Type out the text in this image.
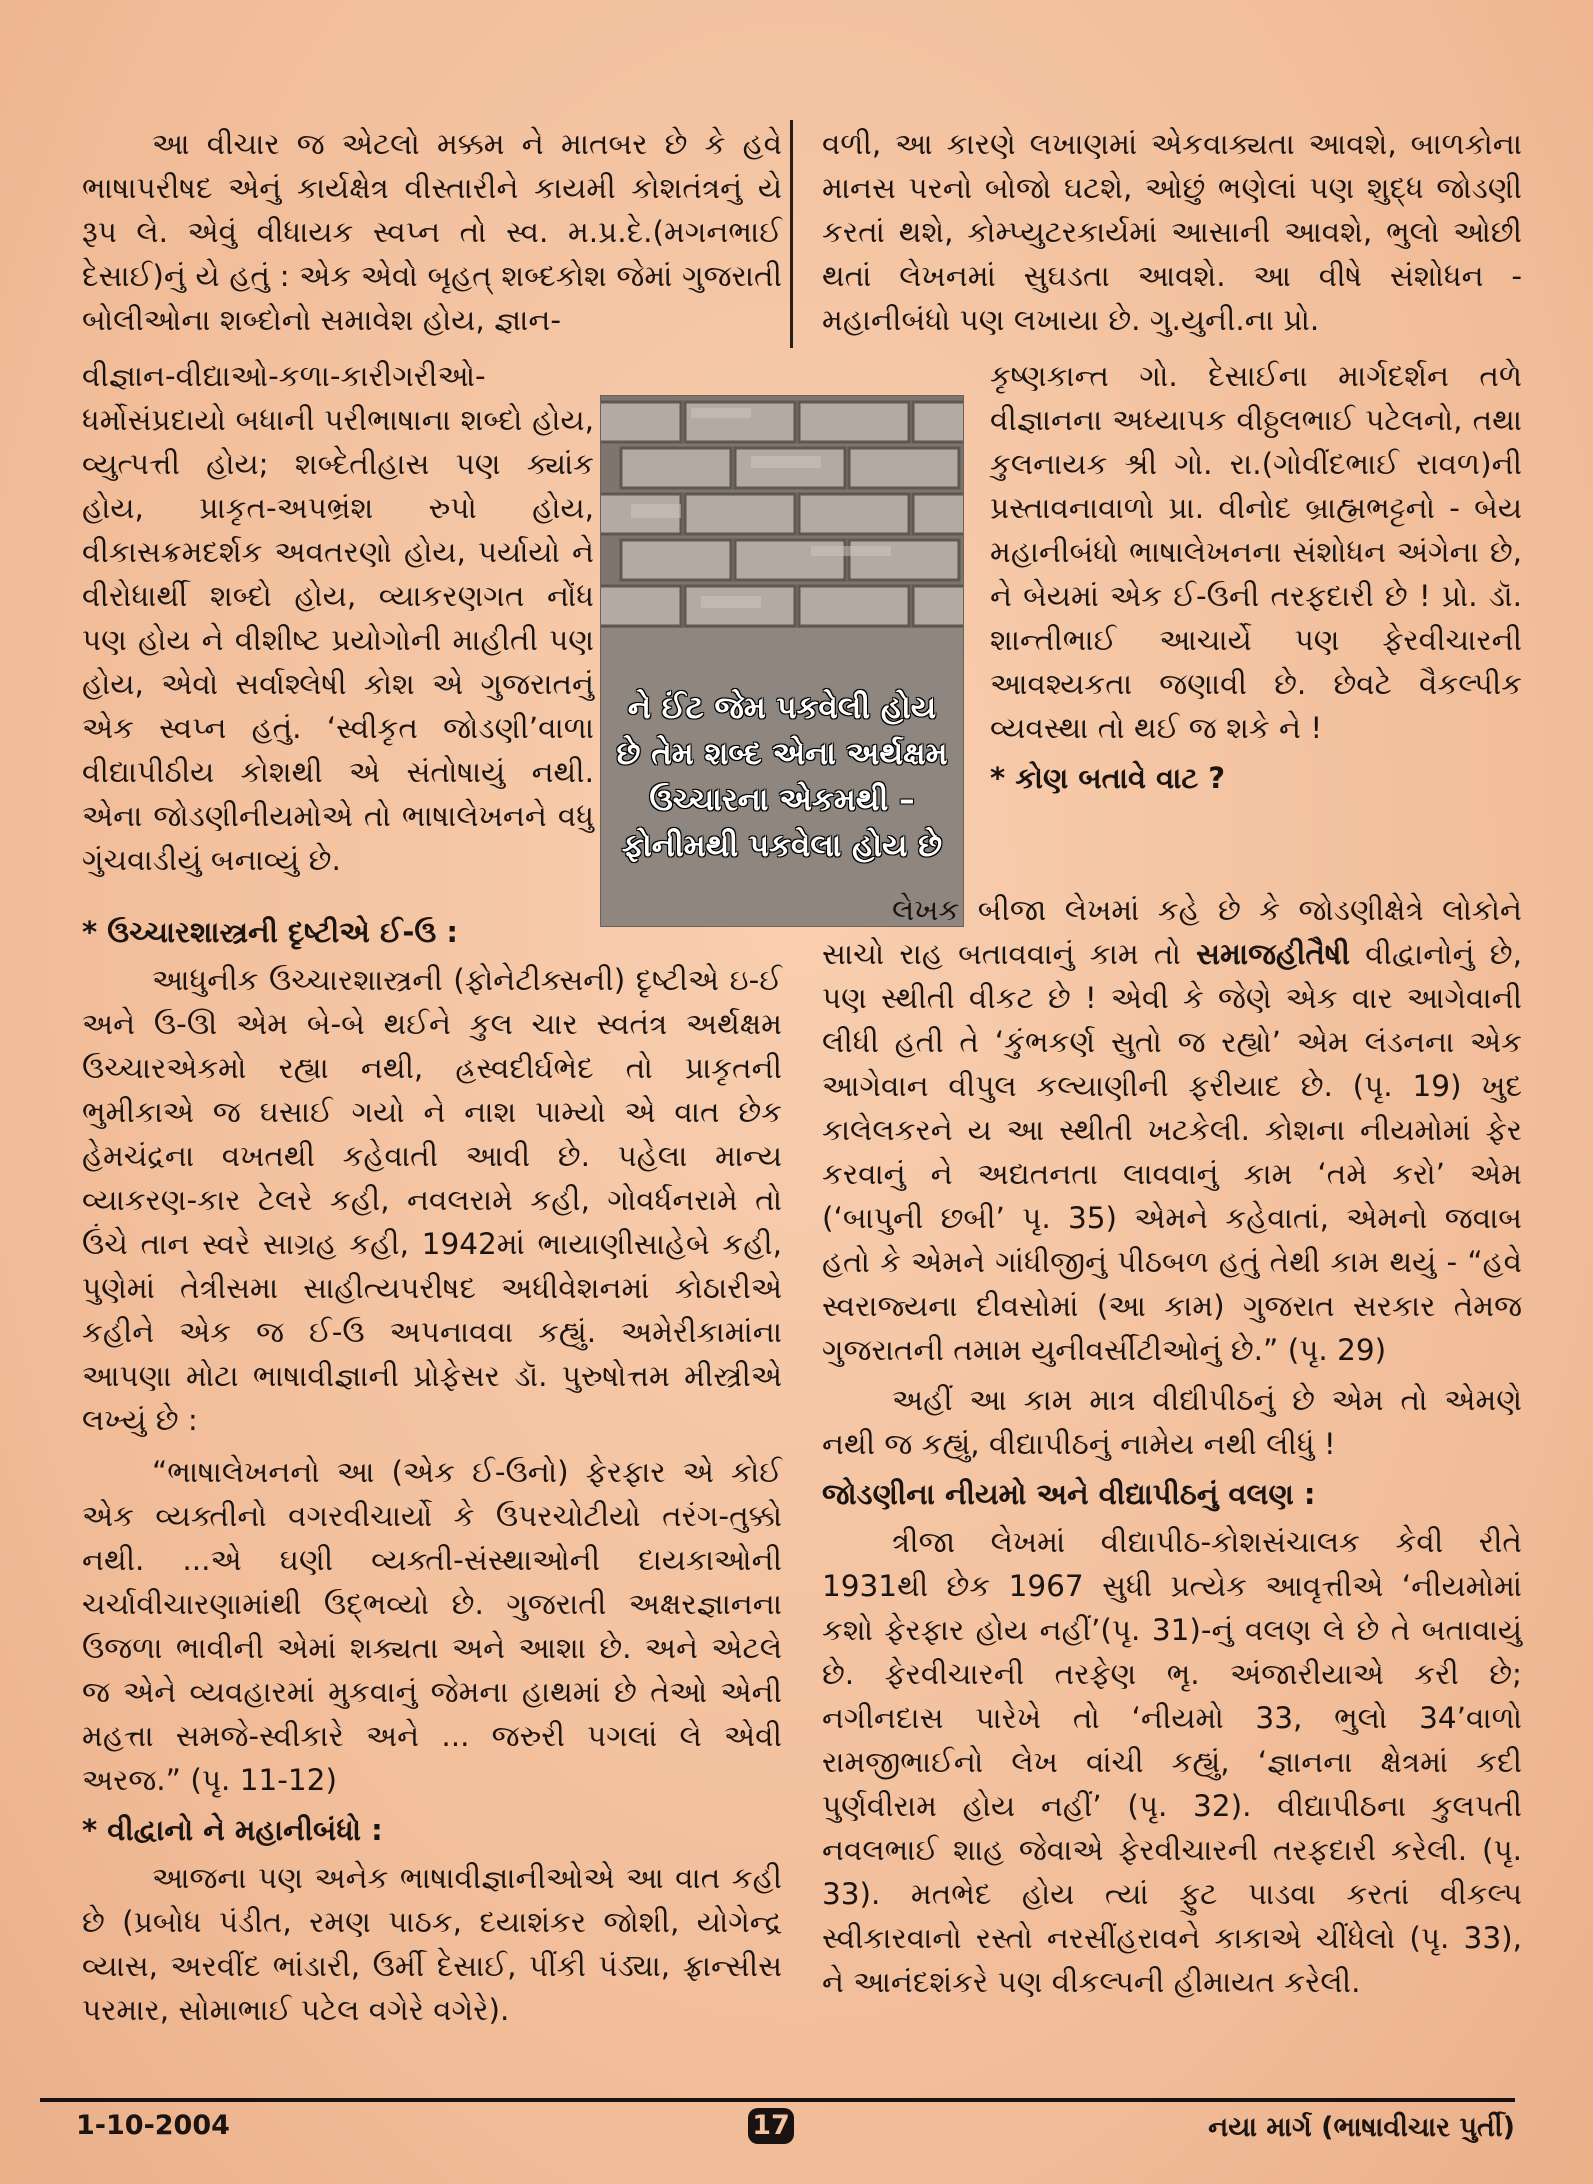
આ વીચાર જ એટલો મક્કમ ને માતબર છે કે હવે ભાષાપરીષદ એનું કાર્યક્ષેત્ર વીસ્તારીને કાયમી કોશતંત્રનું યે રૂપ લે. એવું વીધાયક સ્વપ્ન તો સ્વ. મ.પ્ર.દે.(મગનભાઈ દેસાઈ)નું યે હતું : એક એવો બૃહત્ શબ્દકોશ જેમાં ગુજરાતી બોલીઓના શબ્દોનો સમાવેશ હોય, જ્ઞાન-

વીજ્ઞાન-વીદ્યાઓ-કળા-કારીગરીઓ-ધર્મોસંપ્રદાયો બધાની પરીભાષાના શબ્દો હોય, વ્યુત્પત્તી હોય; શબ્દેતીહાસ પણ ક્યાંક હોય, પ્રાકૃત-અપભ્રંશ રુપો હોય, વીકાસક્રમદર્શક અવતરણો હોય, પર્યાયો ને વીરોધાર્થી શબ્દો હોય, વ્યાકરણગત નોંધ પણ હોય ને વીશીષ્ટ પ્રયોગોની માહીતી પણ હોય, એવો સર્વાશ્લેષી કોશ એ ગુજરાતનું એક સ્વપ્ન હતું. ‘સ્વીકૃત જોડણી’વાળા વીદ્યાપીઠીય કોશથી એ સંતોષાયું નથી. એના જોડણીનીયમોએ તો ભાષાલેખનને વધુ ગુંચવાડીયું બનાવ્યું છે.

* ઉચ્ચારશાસ્ત્રની દૃષ્ટીએ ઈ-ઉ :

આધુનીક ઉચ્ચારશાસ્ત્રની (ફોનેટીક્સની) દૃષ્ટીએ ઇ-ઈ અને ઉ-ઊ એમ બે-બે થઈને કુલ ચાર સ્વતંત્ર અર્થક્ષમ ઉચ્ચારએકમો રહ્યા નથી, હ્રસ્વદીર્ઘભેદ તો પ્રાકૃતની ભુમીકાએ જ ઘસાઈ ગયો ને નાશ પામ્યો એ વાત છેક હેમચંદ્રના વખતથી કહેવાતી આવી છે. પહેલા માન્ય વ્યાકરણ-કાર ટેલરે કહી, નવલરામે કહી, ગોવર્ધનરામે તો ઉંચે તાન સ્વરે સાગ્રહ કહી, 1942માં ભાયાણીસાહેબે કહી, પુણેમાં તેત્રીસમા સાહીત્યપરીષદ અધીવેશનમાં કોઠારીએ કહીને એક જ ઈ-ઉ અપનાવવા કહ્યું. અમેરીકામાંના આપણા મોટા ભાષાવીજ્ઞાની પ્રોફેસર ડૉ. પુરુષોત્તમ મીસ્ત્રીએ લખ્યું છે :

“ભાષાલેખનનો આ (એક ઈ-ઉનો) ફેરફાર એ કોઈ એક વ્યક્તીનો વગરવીચાર્યો કે ઉપરચોટીયો તરંગ-તુક્કો નથી. ...એ ઘણી વ્યક્તી-સંસ્થાઓની દાયકાઓની ચર્ચાવીચારણામાંથી ઉદ્ભવ્યો છે. ગુજરાતી અક્ષરજ્ઞાનના ઉજળા ભાવીની એમાં શક્યતા અને આશા છે. અને એટલે જ એને વ્યવહારમાં મુકવાનું જેમના હાથમાં છે તેઓ એની મહત્તા સમજે-સ્વીકારે અને ... જરુરી પગલાં લે એવી અરજ.” (પૃ. 11-12)

* વીદ્વાનો ને મહાનીબંધો :

આજના પણ અનેક ભાષાવીજ્ઞાનીઓએ આ વાત કહી છે (પ્રબોધ પંડીત, રમણ પાઠક, દયાશંકર જોશી, યોગેન્દ્ર વ્યાસ, અરવીંદ ભાંડારી, ઉર્મી દેસાઈ, પીંકી પંડ્યા, ફ્રાન્સીસ પરમાર, સોમાભાઈ પટેલ વગેરે વગેરે).

ને ઈંટ જેમ પકવેલી હોય છે તેમ શબ્દ એના અર્થક્ષમ ઉચ્ચારના એકમથી – ફોનીમથી પકવેલા હોય છે

વળી, આ કારણે લખાણમાં એકવાક્યતા આવશે, બાળકોના માનસ પરનો બોજો ઘટશે, ઓછું ભણેલાં પણ શુદ્ધ જોડણી કરતાં થશે, કોમ્પ્યુટરકાર્યમાં આસાની આવશે, ભુલો ઓછી થતાં લેખનમાં સુઘડતા આવશે. આ વીષે સંશોધન - મહાનીબંધો પણ લખાયા છે. ગુ.યુની.ના પ્રો.

કૃષ્ણકાન્ત ગો. દેસાઈના માર્ગદર્શન તળે વીજ્ઞાનના અધ્યાપક વીઠ્ઠલભાઈ પટેલનો, તથા કુલનાયક શ્રી ગો. રા.(ગોવીંદભાઈ રાવળ)ની પ્રસ્તાવનાવાળો પ્રા. વીનોદ બ્રાહ્મભટ્ટનો - બેય મહાનીબંધો ભાષાલેખનના સંશોધન અંગેના છે, ને બેયમાં એક ઈ-ઉની તરફદારી છે ! પ્રો. ડૉ. શાન્તીભાઈ આચાર્યે પણ ફેરવીચારની આવશ્યકતા જણાવી છે. છેવટે વૈકલ્પીક વ્યવસ્થા તો થઈ જ શકે ને !

* કોણ બતાવે વાટ ?

લેખક બીજા લેખમાં કહે છે કે જોડણીક્ષેત્રે લોકોને સાચો રાહ બતાવવાનું કામ તો સમાજહીતૈષી વીદ્વાનોનું છે, પણ સ્થીતી વીકટ છે ! એવી કે જેણે એક વાર આગેવાની લીધી હતી તે ‘કુંભકર્ણ સુતો જ રહ્યો’ એમ લંડનના એક આગેવાન વીપુલ કલ્યાણીની ફરીયાદ છે. (પૃ. 19) ખુદ કાલેલકરને ય આ સ્થીતી ખટકેલી. કોશના નીયમોમાં ફેર કરવાનું ને અદ્યતનતા લાવવાનું કામ ‘તમે કરો’ એમ (‘બાપુની છબી’ પૃ. 35) એમને કહેવાતાં, એમનો જવાબ હતો કે એમને ગાંધીજીનું પીઠબળ હતું તેથી કામ થયું - “હવે સ્વરાજ્યના દીવસોમાં (આ કામ) ગુજરાત સરકાર તેમજ ગુજરાતની તમામ યુનીવર્સીટીઓનું છે.” (પૃ. 29)

અહીં આ કામ માત્ર વીદ્યીપીઠનું છે એમ તો એમણે નથી જ કહ્યું, વીદ્યાપીઠનું નામેય નથી લીધું !

જોડણીના નીયમો અને વીદ્યાપીઠનું વલણ :

ત્રીજા લેખમાં વીદ્યાપીઠ-કોશસંચાલક કેવી રીતે 1931થી છેક 1967 સુધી પ્રત્યેક આવૃત્તીએ ‘નીયમોમાં કશો ફેરફાર હોય નહીં’(પૃ. 31)-નું વલણ લે છે તે બતાવાયું છે. ફેરવીચારની તરફેણ ભૃ. અંજારીયાએ કરી છે; નગીનદાસ પારેખે તો ‘નીયમો 33, ભુલો 34’વાળો રામજીભાઈનો લેખ વાંચી કહ્યું, ‘જ્ઞાનના ક્ષેત્રમાં કદી પુર્ણવીરામ હોય નહીં’ (પૃ. 32). વીદ્યાપીઠના કુલપતી નવલભાઈ શાહ જેવાએ ફેરવીચારની તરફદારી કરેલી. (પૃ. 33). મતભેદ હોય ત્યાં ફુટ પાડવા કરતાં વીકલ્પ સ્વીકારવાનો રસ્તો નરસીંહરાવને કાકાએ ચીંધેલો (પૃ. 33), ને આનંદશંકરે પણ વીકલ્પની હીમાયત કરેલી.

1-10-2004	17	નયા માર્ગ (ભાષાવીચાર પુર્તી)
